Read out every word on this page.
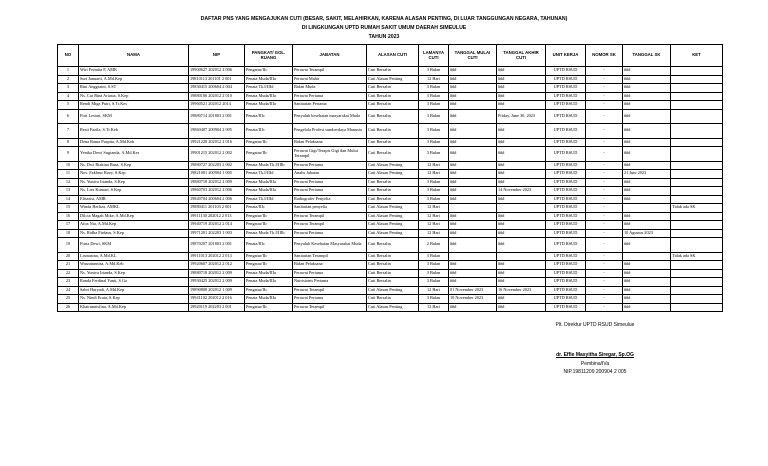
DAFTAR PNS YANG MENGAJUKAN CUTI (BESAR, SAKIT, MELAHIRKAN, KARENA ALASAN PENTING, DI LUAR TANGGUNGAN NEGARA, TAHUNAN)
DI LINGKUNGAN UPTD RUMAH SAKIT UMUM DAERAH SIMEULUE
TAHUN 2023
NO	NAMA	NIP	PANGKAT/ GOL. RUANG	JABATAN	ALASAN CUTI	LAMANYA CUTI	TANGGAL MULAI CUTI	TANGGAL AKHIR CUTI	UNIT KERJA	NOMOR SK	TANGGAL SK	KET
1	Wiri Fermita F, AMK	19900627 202012 2 006	Pengatur/IIc	Perawat Terampil	Cuti Bersalin	3 Bulan	###	###	UPTD RSUD	-	###	
2	Suri Januarti, A.Md.Kep	19810113 201101 2 001	Penata Muda/IIIa	Perawat Mahir	Cuti Alasan Penting	12 Hari	###	###	UPTD RSUD	-	###	
3	Rini Anggraini, S.ST	19830415 200604 2 004	Penata Tk.I/IIId	Bidan Muda	Cuti Bersalin	3 Bulan	###	###	UPTD RSUD	-	###	
4	Ns. Cut Rina Ariasta, S.Kep	19880106 202012 2 010	Penata Muda/IIIa	Perawat Pertama	Cuti Bersalin	3 Bulan	###	###	UPTD RSUD	-	###	
5	Rendi Miga Putri, S.Tr.Kes	19960521 202012 2014	Penata Muda/IIIa	Sanitarian Pertama	Cuti Bersalin	3 Bulan	###	###	UPTD RSUD	-	###	
6	Fitri Lestari, SKM	19880714 201803 2 001	Penata/IIIc	Penyuluh kesehatan masyarakat Muda	Cuti Bersalin	3 Bulan	###	Friday, June 30, 2023	UPTD RSUD	-	###	
7	Resti Fazila, S.Tr.Keb	19860407 200904 2 005	Penata/IIIc	Pengelola Profesi sumberdaya Manusia	Cuti Bersalin	3 Bulan	###	###	UPTD RSUD	-	###	
8	Dena Rama Puspita, A.Md.Keb	19921228 202012 2 016	Pengatur/IIc	Bidan Pelaksana	Cuti Bersalin	3 Bulan	###	###	UPTD RSUD	-	###	
9	Yenika Dewi Sugianda, A.Md.Kes	19901215 202012 2 002	Pengatur/IIc	Perawat Gigi/Terapis Gigi dan Mulut Terampil	Cuti Bersalin	3 Bulan	###	###	UPTD RSUD	-	###	
10	Ns. Dwi Rizkina Busa, S.Kep	19880727 202203 2 002	Penata Muda Tk.I/IIIb	Perawat Pertama	Cuti Alasan Penting	12 Hari	###	###	UPTD RSUD	-	###	
11	Nov. Fakhrur Rozy, S.Kep	19821001 200904 1 005	Penata Tk.I/IIId	Analis Jabatan	Cuti Alasan Penting	12 Hari	###	###	UPTD RSUD	-	21 Juni 2023	
12	Ns. Yuniva Irianda, S.Kep	19880718 202012 2 009	Penata Muda/IIIa	Perawat Pertama	Cuti Bersalin	3 Bulan	###	###	UPTD RSUD	-	###	
13	Ns. Lies Kumari, S.Kep	19860703 202012 2 006	Penata Muda/IIIa	Perawat Pertama	Cuti Bersalin	3 Bulan	###	14 November 2023	UPTD RSUD	-	###	
14	Elisarisi, AMR	19840704 200604 2 006	Penata Tk.I/IIId	Radiografer Penyelia	Cuti Bersalin	3 Bulan	###	###	UPTD RSUD	-	###	
15	Winda Herliza, AMKL	19880411 201103 2 001	Penata/IIIc	Sanitarian penyelia	Cuti Alasan Penting	12 Hari			UPTD RSUD	-		Tidak ada SK
16	Dilcia Magah Mike, A.Md.Kep	19911130 202012 2 013	Pengatur/IIc	Perawat Terampil	Cuti Alasan Penting	12 Hari	###	###	UPTD RSUD	-	###	
17	Afoa Nia, A.Md.Kep	19940719 202012 2 014	Pengatur/IIc	Perawat Terampil	Cuti Alasan Penting	12 Hari	###	###	UPTD RSUD	-	###	
18	Ns. Ridha Firdaus, S.Kep	19971201 202203 1 003	Penata Muda Tk.I/IIIb	Perawat Pertama	Cuti Alasan Penting	12 Hari	###	###	UPTD RSUD	-	10 Agustus 2023	
19	Fitria Dewi, SKM	19870207 201803 2 001	Penata/IIIc	Penyuluh Kesehatan Masyarakat Muda	Cuti Bersalin	2 Bulan	###	###	UPTD RSUD	-	###	
20	Lismasina, A.Md.KL	19911013 202012 2 013	Pengatur/IIc	Sanitarian Terampil	Cuti Bersalin	3 Bulan			UPTD RSUD	-		Tidak ada SK
21	Warzatunnisa, A.Md.Keb	19920607 202012 2 012	Pengatur/IIc	Bidan Pelaksana	Cuti Bersalin	3 Bulan	###	###	UPTD RSUD	-	###	
22	Ns. Yuniva Irianda, S.Kep	19880718 202012 2 009	Penata Muda/IIIa	Perawat Pertama	Cuti Bersalin	3 Bulan	###	###	UPTD RSUD	-	###	
23	Randa Ferdinal Yanti, S.Gz	19930425 202012 2 009	Penata Muda/IIIa	Nutrisionis Pertama	Cuti Bersalin	3 Bulan	###	###	UPTD RSUD	-	###	
24	Sabri Haryadi, A.Md.Kep	19890808 202012 1 009	Pengatur/IIc	Perawat Terampil	Cuti Alasan Penting	12 Hari	01 November 2023	16 November 2023	UPTD RSUD	-	###	
25	Ns. Nindi Erata, S.Kep	19941102 202012 2 016	Penata Muda/IIIa	Perawat Pertama	Cuti Bersalin	3 Bulan	10 November 2023	###	UPTD RSUD	-	###	
26	Khairunnisfina, A.Md.Kep	19920119 202203 2 001	Pengatur/IIc	Perawat Terampil	Cuti Alasan Penting	12 Hari	###	###	UPTD RSUD	-	###	
Plt. Direktur UPTD RSUD Simeulue
dr. Effie Masyitha Siregar, Sp.OG
Pembina/IVa
NIP.19811209 200904 2 005
